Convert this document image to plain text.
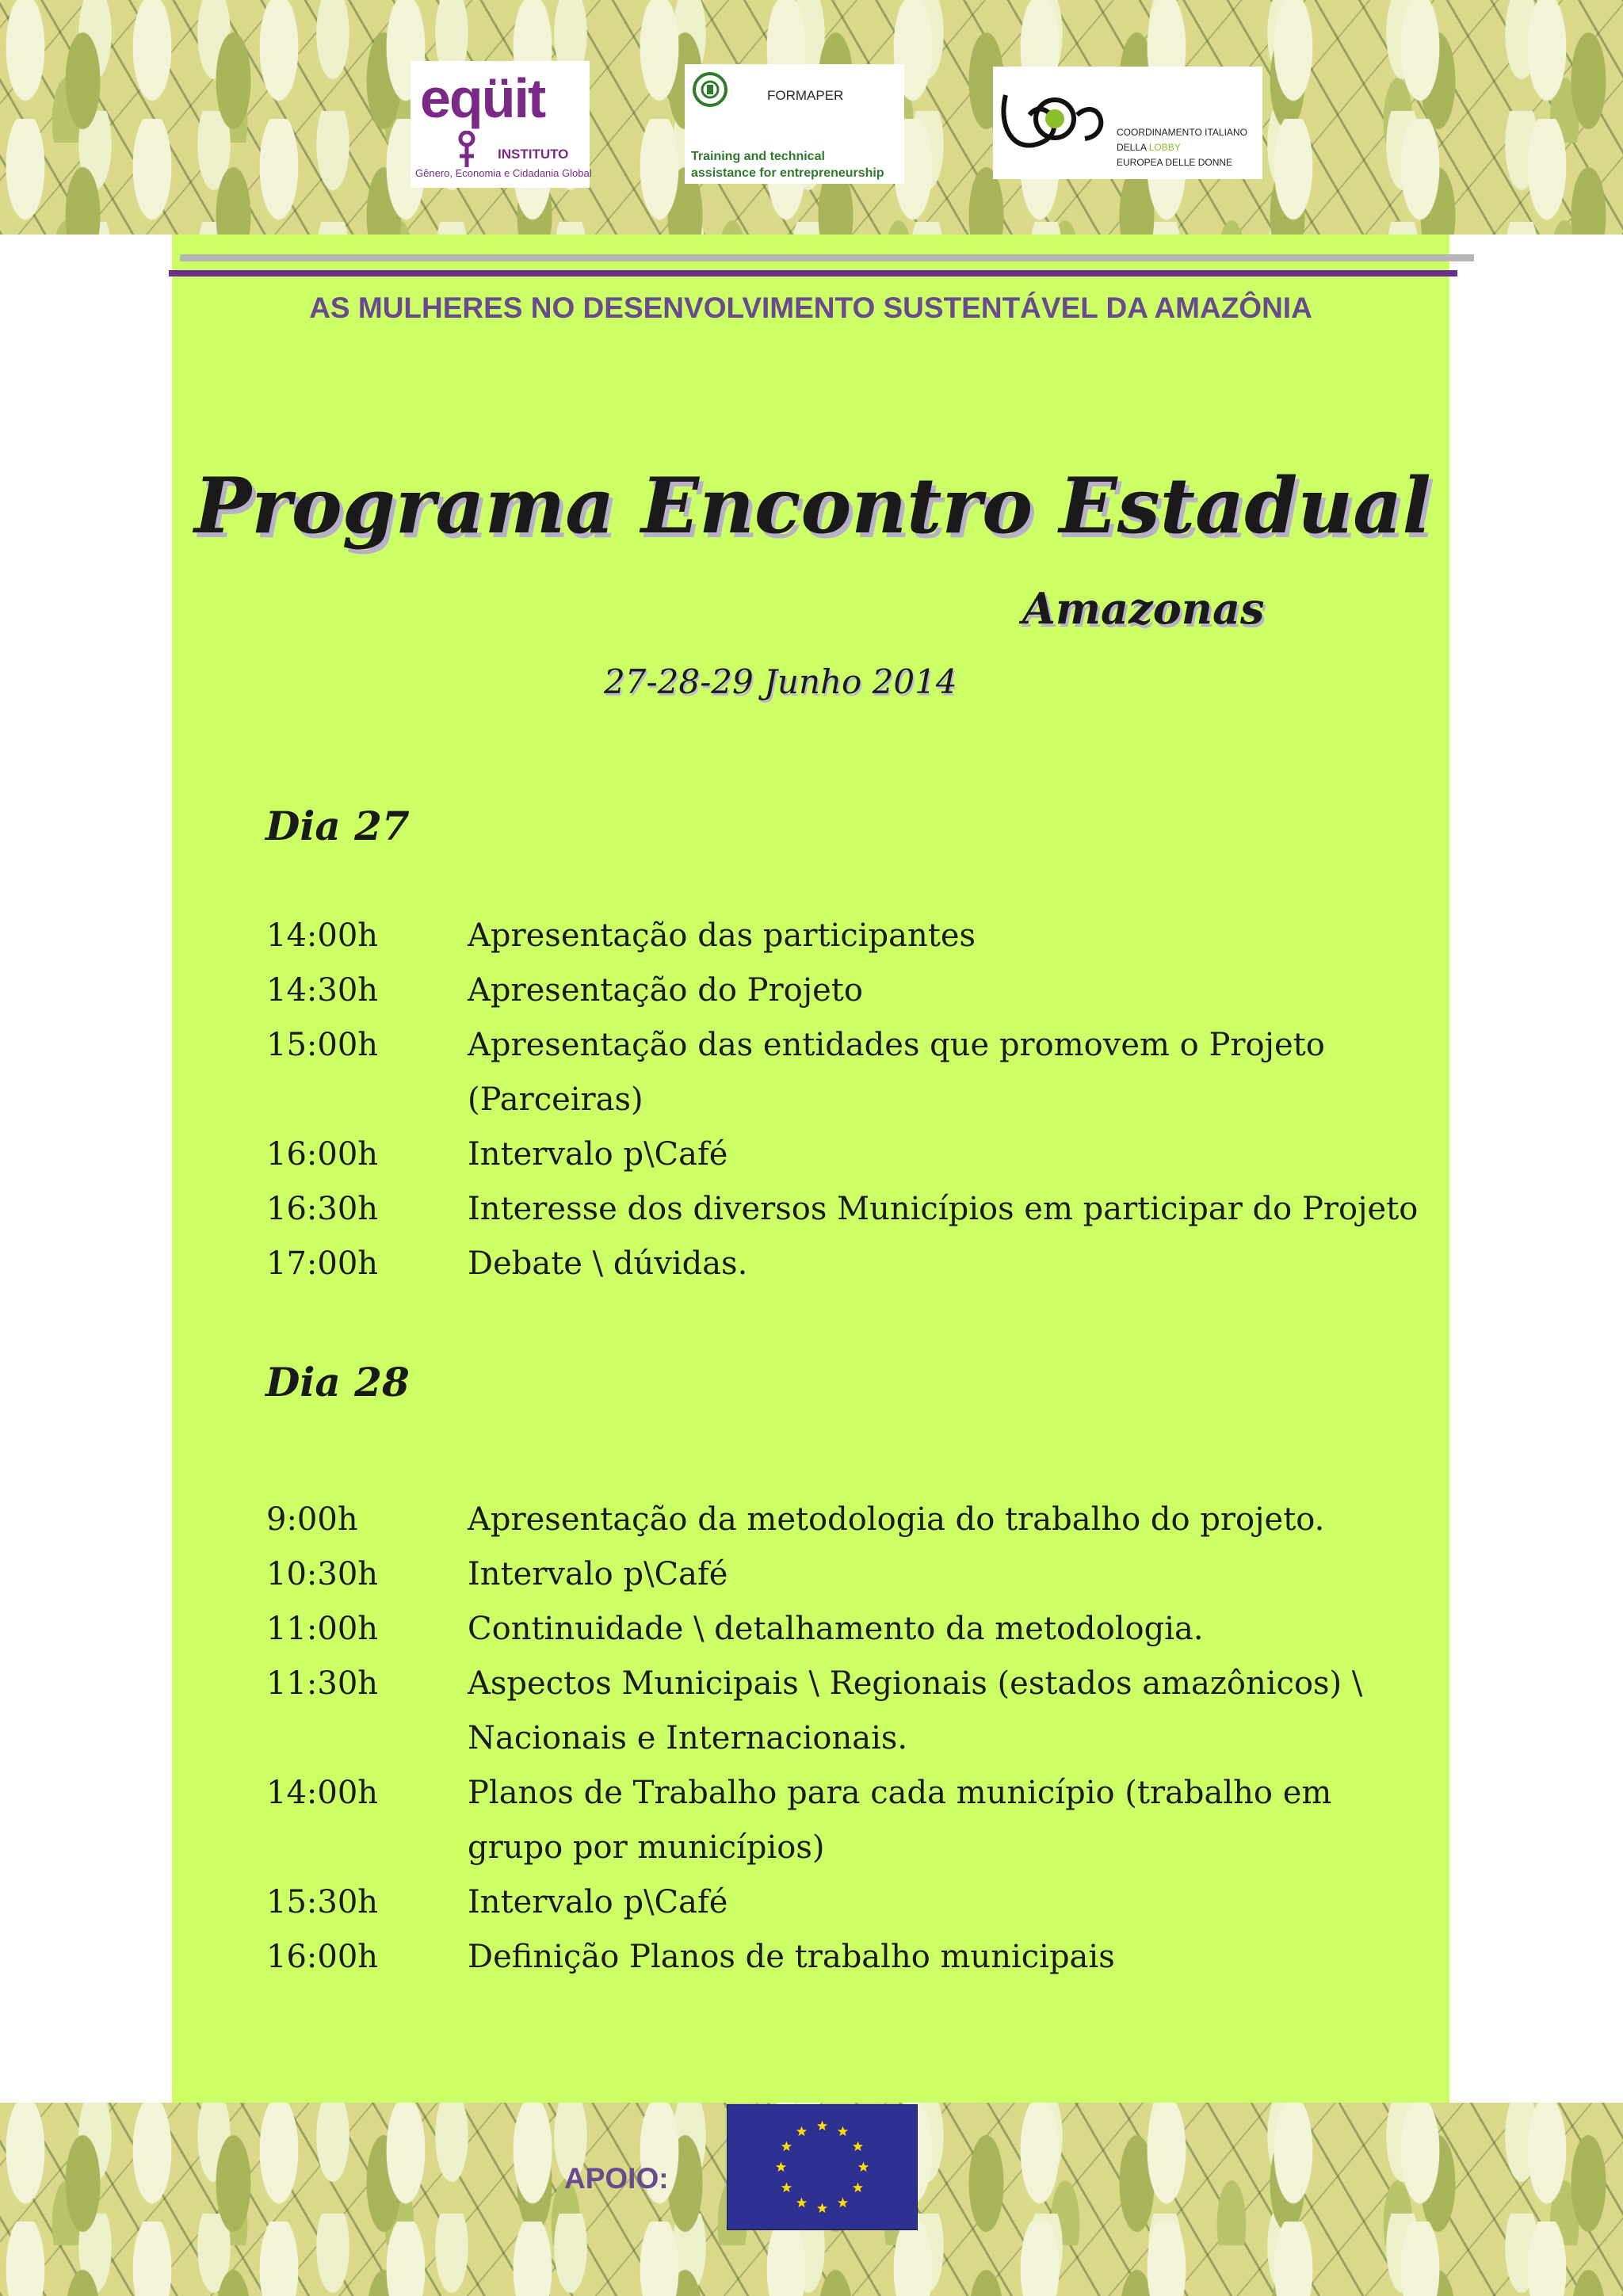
eqüit
INSTITUTO
Gênero, Economia e Cidadania Global
FORMAPER
Training and technical
assistance for entrepreneurship
COORDINAMENTO ITALIANO
DELLA LOBBY
EUROPEA DELLE DONNE
AS MULHERES NO DESENVOLVIMENTO SUSTENTÁVEL DA AMAZÔNIA
Programa Encontro Estadual
Amazonas
27-28-29 Junho 2014
Dia 27
14:00h	Apresentação das participantes
14:30h	Apresentação do Projeto
15:00h	Apresentação das entidades que promovem o Projeto (Parceiras)
16:00h	Intervalo p\Café
16:30h	Interesse dos diversos Municípios em participar do Projeto
17:00h	Debate \ dúvidas.
Dia 28
9:00h	Apresentação da metodologia do trabalho do projeto.
10:30h	Intervalo p\Café
11:00h	Continuidade \ detalhamento da metodologia.
11:30h	Aspectos Municipais \ Regionais (estados amazônicos) \ Nacionais e Internacionais.
14:00h	Planos de Trabalho para cada município (trabalho em grupo por municípios)
15:30h	Intervalo p\Café
16:00h	Definição Planos de trabalho municipais
APOIO:
